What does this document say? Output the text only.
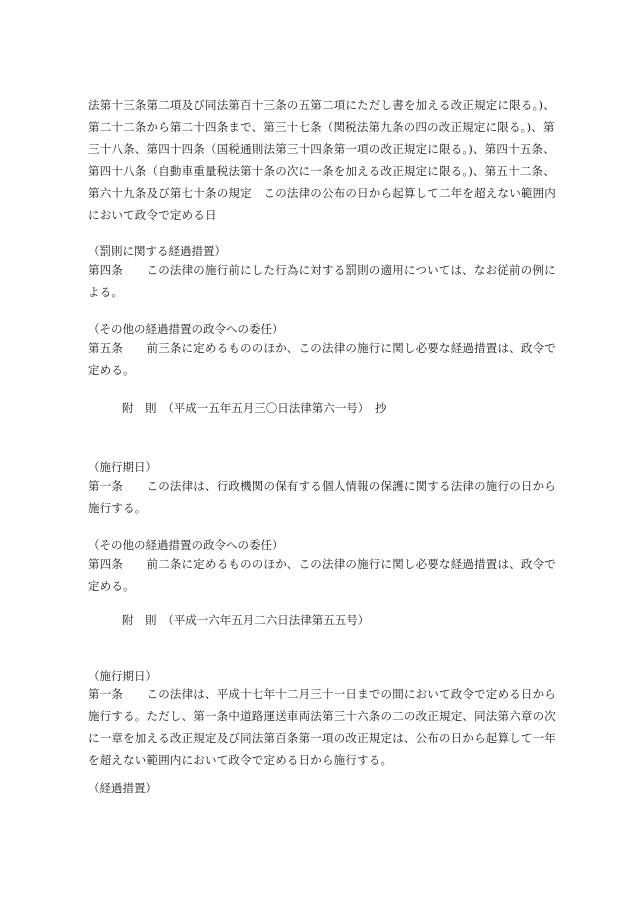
法第十三条第二項及び同法第百十三条の五第二項にただし書を加える改正規定に限る。)、第二十二条から第二十四条まで、第三十七条（関税法第九条の四の改正規定に限る。)、第三十八条、第四十四条（国税通則法第三十四条第一項の改正規定に限る。)、第四十五条、第四十八条（自動車重量税法第十条の次に一条を加える改正規定に限る。)、第五十二条、第六十九条及び第七十条の規定　この法律の公布の日から起算して二年を超えない範囲内において政令で定める日

（罰則に関する経過措置）

第四条　　この法律の施行前にした行為に対する罰則の適用については、なお従前の例による。

（その他の経過措置の政令への委任）

第五条　　前三条に定めるもののほか、この法律の施行に関し必要な経過措置は、政令で定める。

附　則　（平成一五年五月三〇日法律第六一号）　抄

（施行期日）

第一条　　この法律は、行政機関の保有する個人情報の保護に関する法律の施行の日から施行する。

（その他の経過措置の政令への委任）

第四条　　前二条に定めるもののほか、この法律の施行に関し必要な経過措置は、政令で定める。

附　則　（平成一六年五月二六日法律第五五号）

（施行期日）

第一条　　この法律は、平成十七年十二月三十一日までの間において政令で定める日から施行する。ただし、第一条中道路運送車両法第三十六条の二の改正規定、同法第六章の次に一章を加える改正規定及び同法第百条第一項の改正規定は、公布の日から起算して一年を超えない範囲内において政令で定める日から施行する。

（経過措置）
